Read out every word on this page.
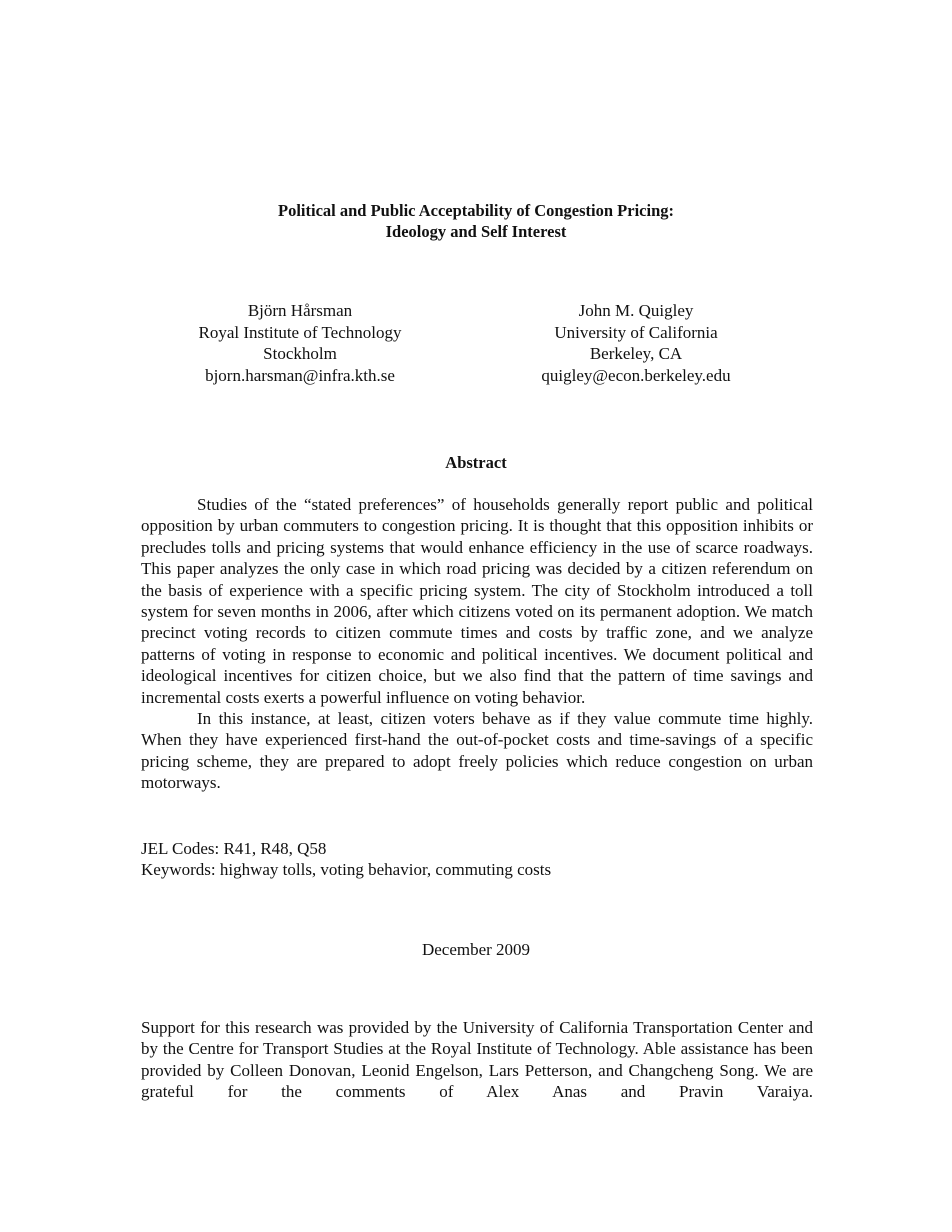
Political and Public Acceptability of Congestion Pricing:
Ideology and Self Interest
Björn Hårsman
Royal Institute of Technology
Stockholm
bjorn.harsman@infra.kth.se
John M. Quigley
University of California
Berkeley, CA
quigley@econ.berkeley.edu
Abstract

Studies of the “stated preferences” of households generally report public and political opposition by urban commuters to congestion pricing. It is thought that this opposition inhibits or precludes tolls and pricing systems that would enhance efficiency in the use of scarce roadways. This paper analyzes the only case in which road pricing was decided by a citizen referendum on the basis of experience with a specific pricing system. The city of Stockholm introduced a toll system for seven months in 2006, after which citizens voted on its permanent adoption. We match precinct voting records to citizen commute times and costs by traffic zone, and we analyze patterns of voting in response to economic and political incentives. We document political and ideological incentives for citizen choice, but we also find that the pattern of time savings and incremental costs exerts a powerful influence on voting behavior.

In this instance, at least, citizen voters behave as if they value commute time highly. When they have experienced first-hand the out-of-pocket costs and time-savings of a specific pricing scheme, they are prepared to adopt freely policies which reduce congestion on urban motorways.

JEL Codes: R41, R48, Q58
Keywords: highway tolls, voting behavior, commuting costs
December 2009
Support for this research was provided by the University of California Transportation Center and by the Centre for Transport Studies at the Royal Institute of Technology. Able assistance has been provided by Colleen Donovan, Leonid Engelson, Lars Petterson, and Changcheng Song. We are grateful for the comments of Alex Anas and Pravin Varaiya.
